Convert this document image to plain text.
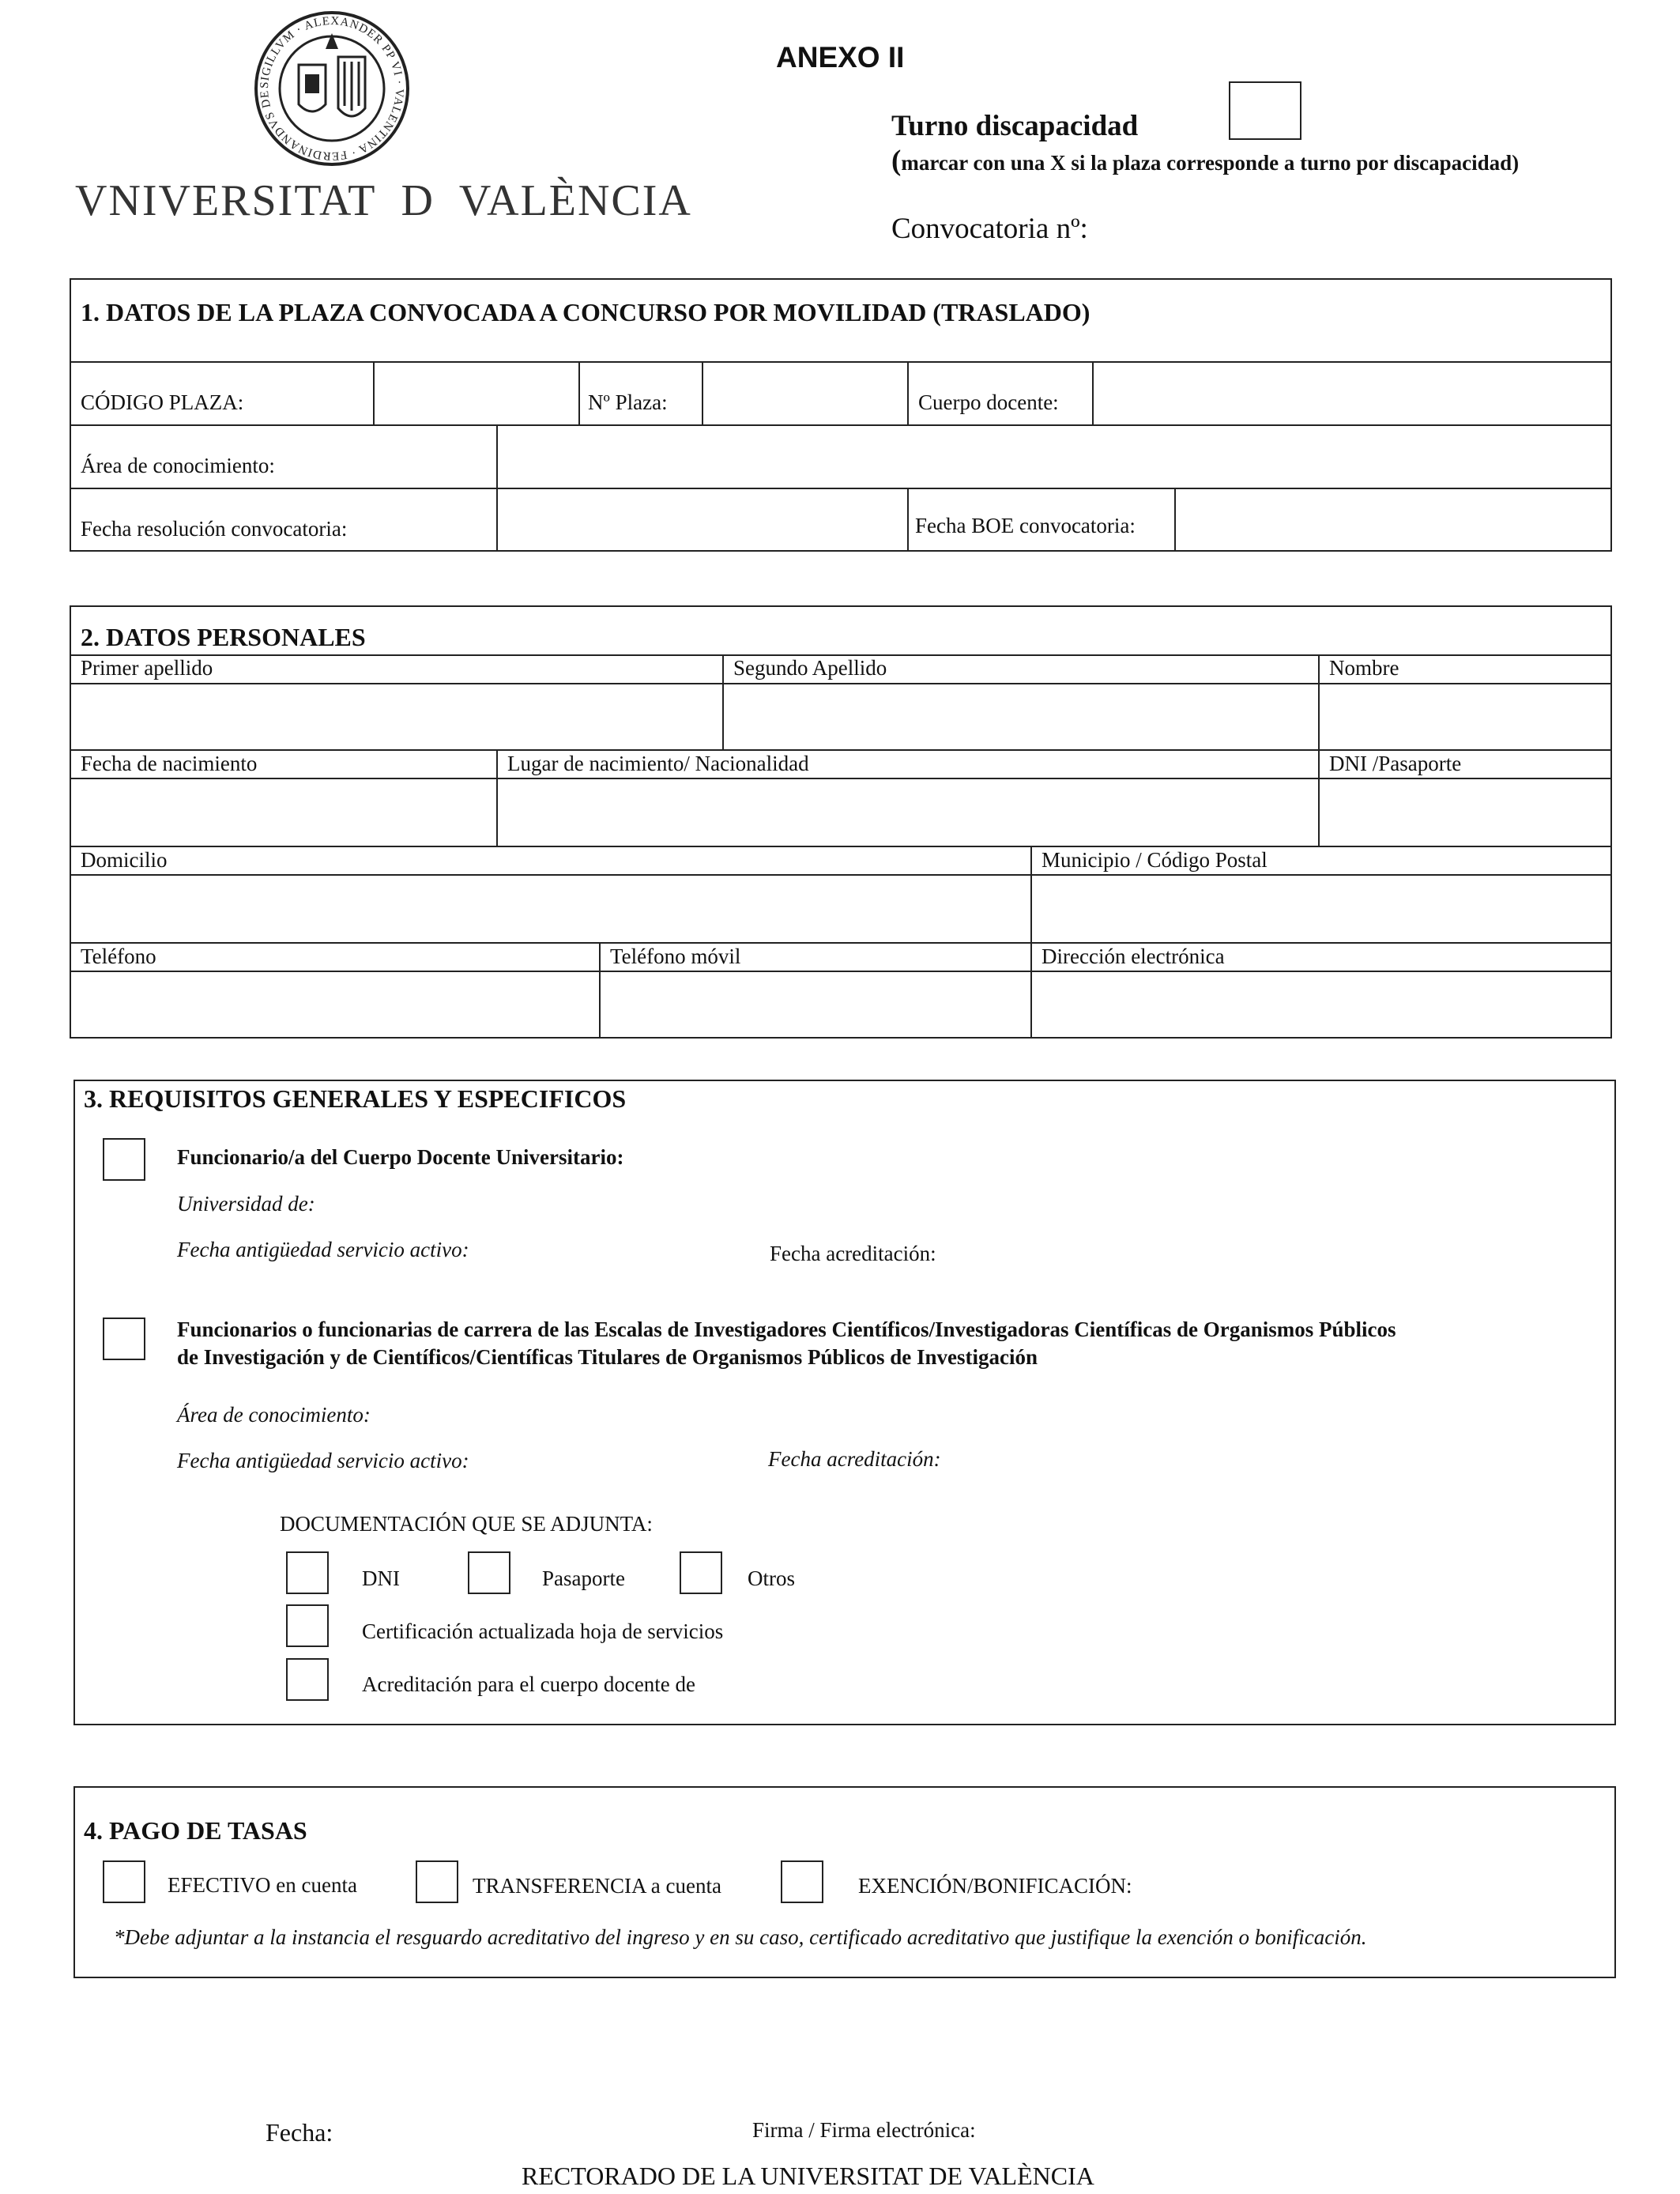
SIGILLVM · ALEXANDER PP VI · VALENTINA · FERDINANDVS DE
VNIVERSITAT  D  VALÈNCIA
ANEXO II
Turno discapacidad
(marcar con una X si la plaza corresponde a turno por discapacidad)
Convocatoria nº:
1. DATOS DE LA PLAZA CONVOCADA A CONCURSO POR MOVILIDAD (TRASLADO)
CÓDIGO PLAZA:	Nº Plaza:	Cuerpo docente:
Área de conocimiento:
Fecha resolución convocatoria:	Fecha BOE convocatoria:
2. DATOS PERSONALES
Primer apellido	Segundo Apellido	Nombre
Fecha de nacimiento	Lugar de nacimiento/ Nacionalidad	DNI /Pasaporte
Domicilio	Municipio / Código Postal
Teléfono	Teléfono móvil	Dirección electrónica
3. REQUISITOS GENERALES Y ESPECIFICOS
Funcionario/a del Cuerpo Docente Universitario:
Universidad de:
Fecha antigüedad servicio activo:	Fecha acreditación:
Funcionarios o funcionarias de carrera de las Escalas de Investigadores Científicos/Investigadoras Científicas de Organismos Públicos
de Investigación y de Científicos/Científicas Titulares de Organismos Públicos de Investigación
Área de conocimiento:
Fecha antigüedad servicio activo:	Fecha acreditación:
DOCUMENTACIÓN QUE SE ADJUNTA:
DNI	Pasaporte	Otros
Certificación actualizada hoja de servicios
Acreditación para el cuerpo docente de
4. PAGO DE TASAS
EFECTIVO en cuenta	TRANSFERENCIA a cuenta	EXENCIÓN/BONIFICACIÓN:
*Debe adjuntar a la instancia el resguardo acreditativo del ingreso y en su caso, certificado acreditativo que justifique la exención o bonificación.
Fecha:	Firma / Firma electrónica:
RECTORADO DE LA UNIVERSITAT DE VALÈNCIA
